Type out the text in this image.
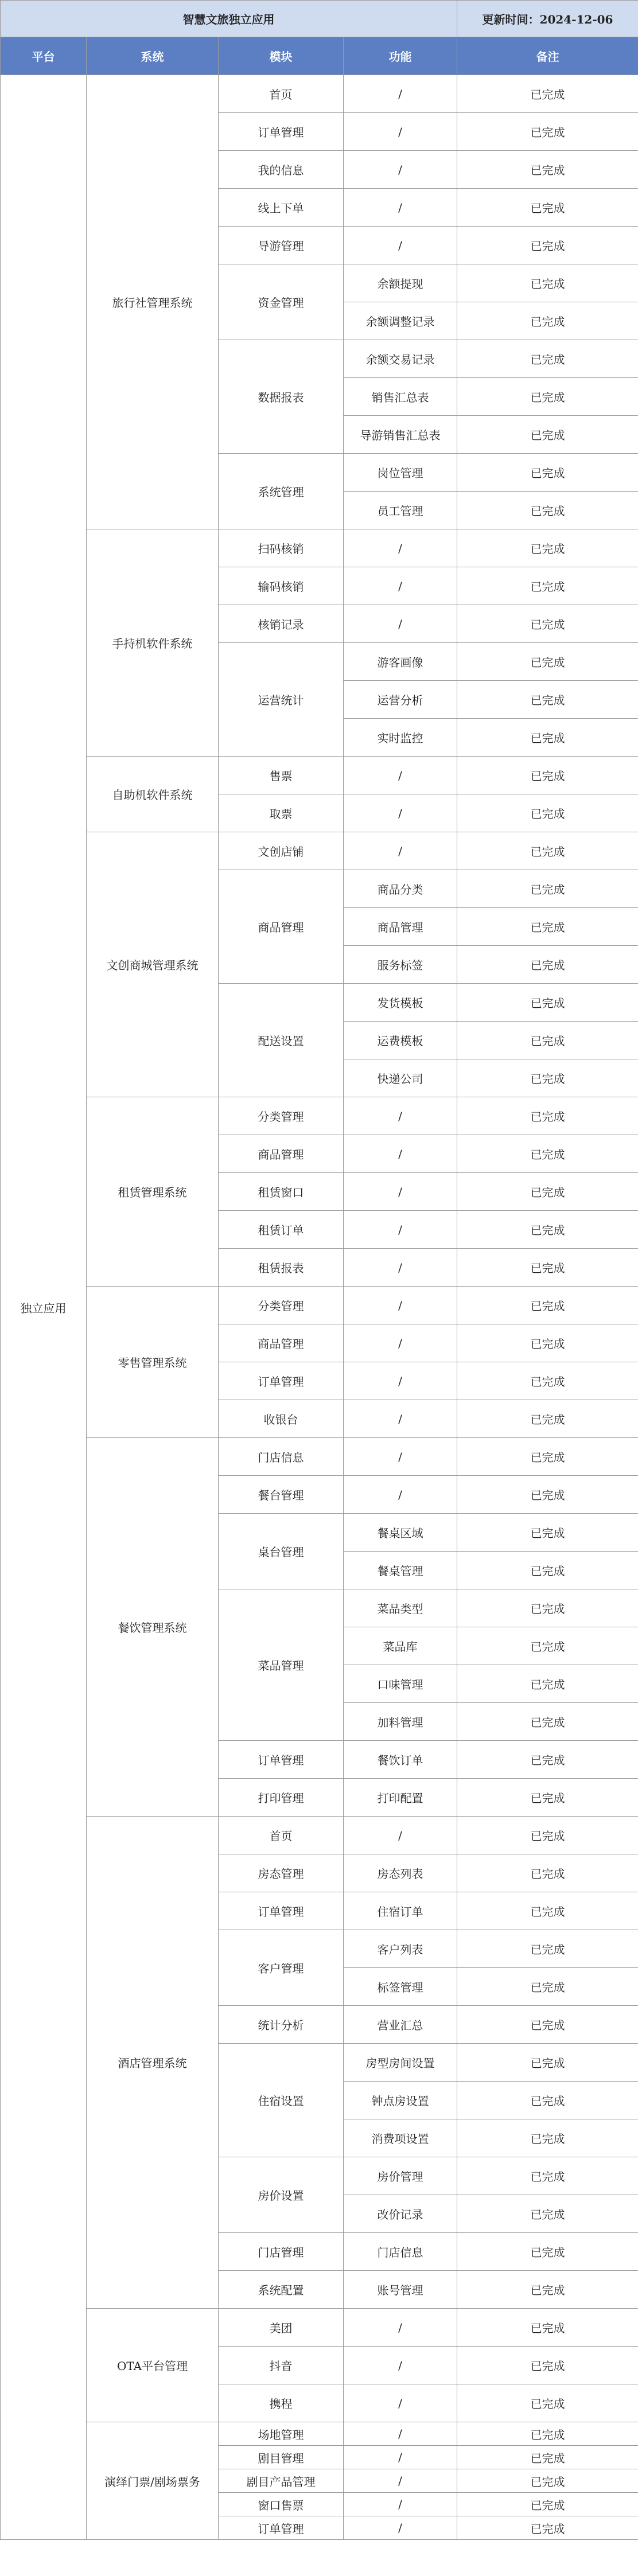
智慧文旅独立应用				更新时间：2024-12-06
平台	系统	模块	功能	备注
独立应用	旅行社管理系统	首页	/	已完成
		订单管理	/	已完成
		我的信息	/	已完成
		线上下单	/	已完成
		导游管理	/	已完成
		资金管理	余额提现	已完成
			余额调整记录	已完成
		数据报表	余额交易记录	已完成
			销售汇总表	已完成
			导游销售汇总表	已完成
		系统管理	岗位管理	已完成
			员工管理	已完成
	手持机软件系统	扫码核销	/	已完成
		输码核销	/	已完成
		核销记录	/	已完成
		运营统计	游客画像	已完成
			运营分析	已完成
			实时监控	已完成
	自助机软件系统	售票	/	已完成
		取票	/	已完成
	文创商城管理系统	文创店铺	/	已完成
		商品管理	商品分类	已完成
			商品管理	已完成
			服务标签	已完成
		配送设置	发货模板	已完成
			运费模板	已完成
			快递公司	已完成
	租赁管理系统	分类管理	/	已完成
		商品管理	/	已完成
		租赁窗口	/	已完成
		租赁订单	/	已完成
		租赁报表	/	已完成
	零售管理系统	分类管理	/	已完成
		商品管理	/	已完成
		订单管理	/	已完成
		收银台	/	已完成
	餐饮管理系统	门店信息	/	已完成
		餐台管理	/	已完成
		桌台管理	餐桌区域	已完成
			餐桌管理	已完成
		菜品管理	菜品类型	已完成
			菜品库	已完成
			口味管理	已完成
			加料管理	已完成
		订单管理	餐饮订单	已完成
		打印管理	打印配置	已完成
	酒店管理系统	首页	/	已完成
		房态管理	房态列表	已完成
		订单管理	住宿订单	已完成
		客户管理	客户列表	已完成
			标签管理	已完成
		统计分析	营业汇总	已完成
		住宿设置	房型房间设置	已完成
			钟点房设置	已完成
			消费项设置	已完成
		房价设置	房价管理	已完成
			改价记录	已完成
		门店管理	门店信息	已完成
		系统配置	账号管理	已完成
	OTA平台管理	美团	/	已完成
		抖音	/	已完成
		携程	/	已完成
	演绎门票/剧场票务	场地管理	/	已完成
		剧目管理	/	已完成
		剧目产品管理	/	已完成
		窗口售票	/	已完成
		订单管理	/	已完成
